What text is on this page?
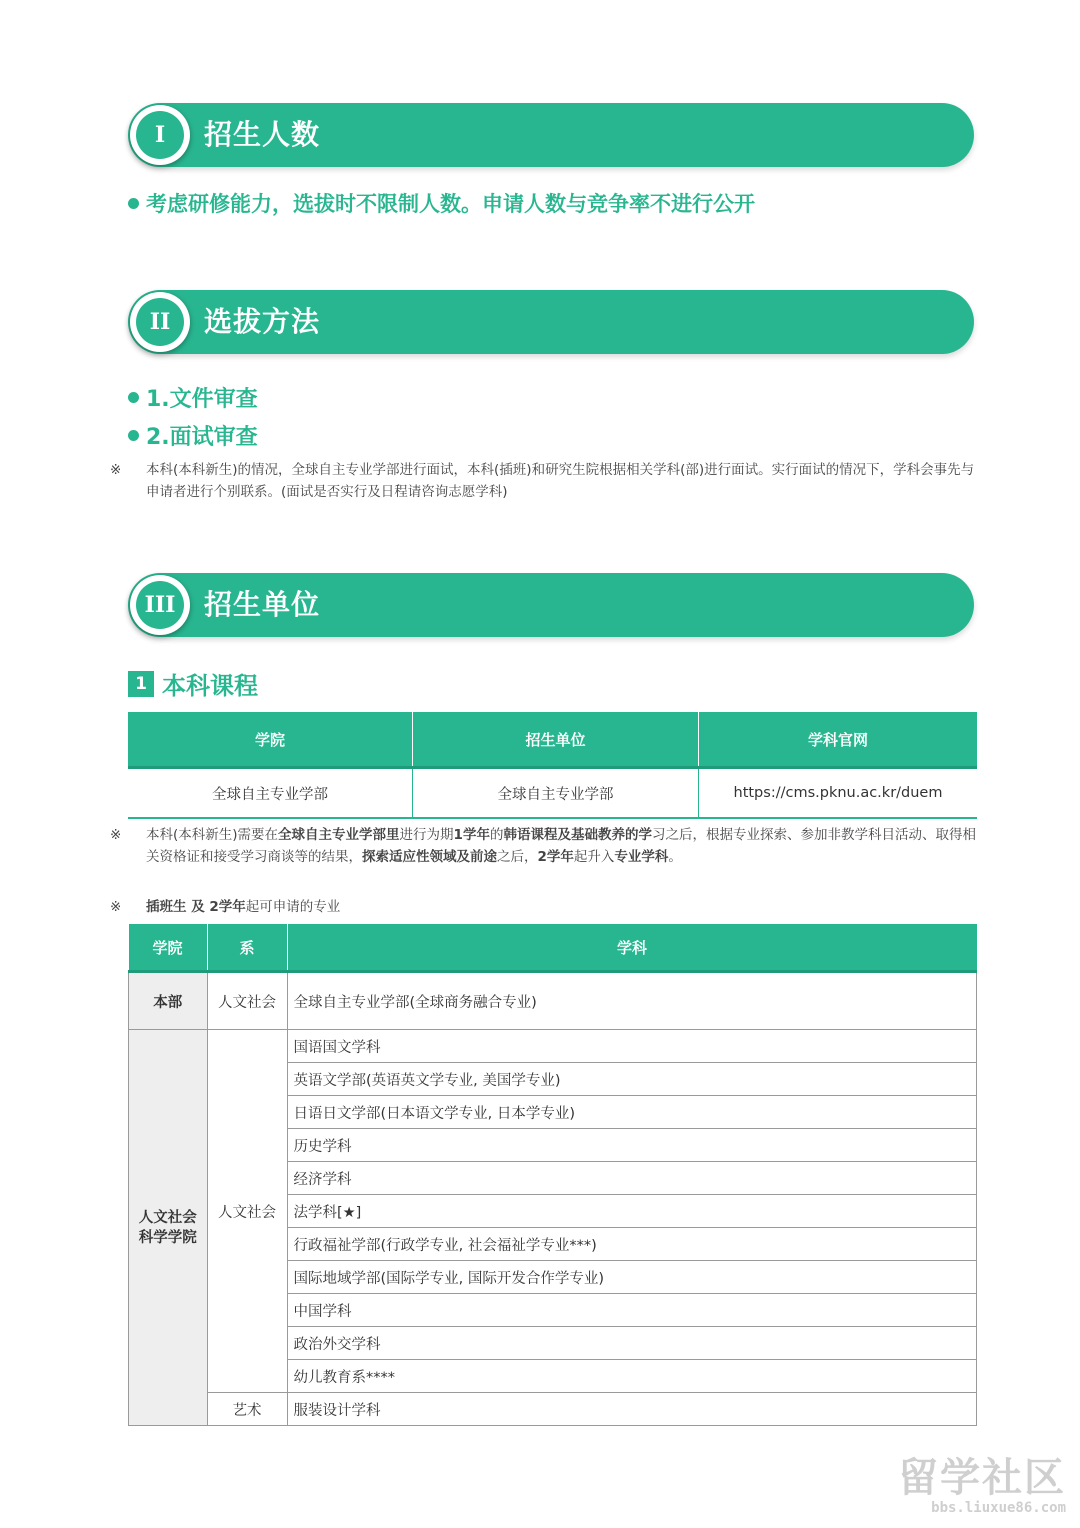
I	招生人数
考虑研修能力，选拔时不限制人数。申请人数与竞争率不进行公开
II	选拔方法
1.文件审查
2.面试审查

※ 本科(本科新生)的情况，全球自主专业学部进行面试，本科(插班)和研究生院根据相关学科(部)进行面试。实行面试的情况下，学科会事先与申请者进行个别联系。(面试是否实行及日程请咨询志愿学科)

III	招生单位
1 本科课程
学院	招生单位	学科官网
全球自主专业学部	全球自主专业学部	https://cms.pknu.ac.kr/duem

※ 本科(本科新生)需要在全球自主专业学部里进行为期1学年的韩语课程及基础教养的学习之后，根据专业探索、参加非教学科目活动、取得相关资格证和接受学习商谈等的结果，探索适应性领域及前途之后，2学年起升入专业学科。

※ 插班生 及 2学年起可申请的专业

学院	系	学科
本部	人文社会	全球自主专业学部(全球商务融合专业)
人文社会科学学院	人文社会	国语国文学科
		英语文学部(英语英文学专业, 美国学专业)
		日语日文学部(日本语文学专业, 日本学专业)
		历史学科
		经济学科
		法学科[★]
		行政福祉学部(行政学专业, 社会福祉学专业***)
		国际地域学部(国际学专业, 国际开发合作学专业)
		中国学科
		政治外交学科
		幼儿教育系****
	艺术	服装设计学科
留学社区
bbs.liuxue86.com
